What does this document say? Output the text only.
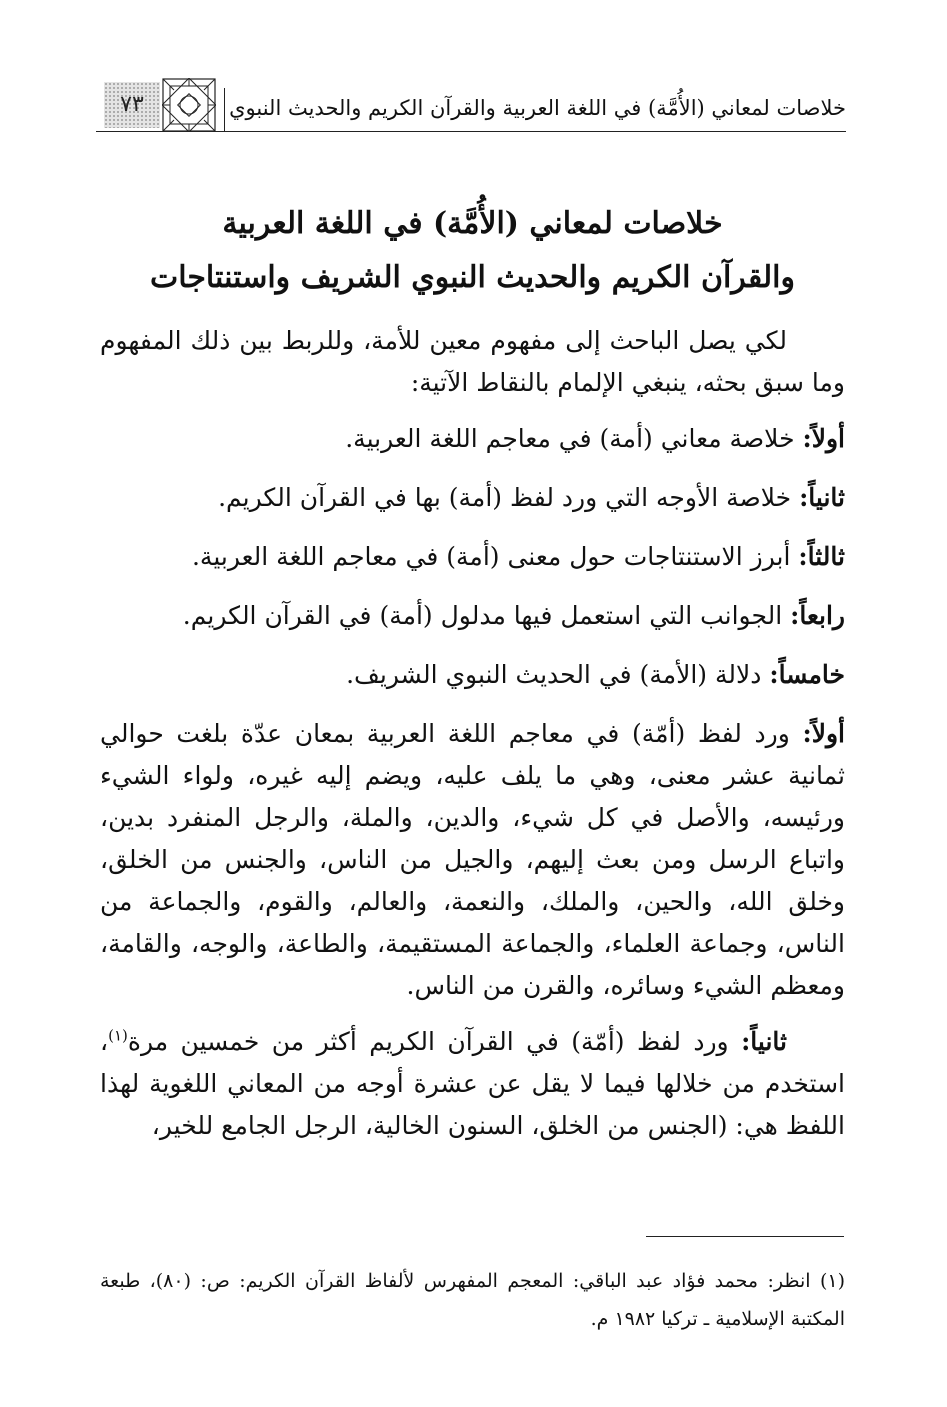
خلاصات لمعاني (الأُمَّة) في اللغة العربية والقرآن الكريم والحديث النبوي
٧٣
خلاصات لمعاني (الأُمَّة) في اللغة العربية
والقرآن الكريم والحديث النبوي الشريف واستنتاجات

لكي يصل الباحث إلى مفهوم معين للأمة، وللربط بين ذلك المفهوم وما سبق بحثه، ينبغي الإلمام بالنقاط الآتية:

أولاً: خلاصة معاني (أمة) في معاجم اللغة العربية.

ثانياً: خلاصة الأوجه التي ورد لفظ (أمة) بها في القرآن الكريم.

ثالثاً: أبرز الاستنتاجات حول معنى (أمة) في معاجم اللغة العربية.

رابعاً: الجوانب التي استعمل فيها مدلول (أمة) في القرآن الكريم.

خامساً: دلالة (الأمة) في الحديث النبوي الشريف.

أولاً: ورد لفظ (أمّة) في معاجم اللغة العربية بمعان عدّة بلغت حوالي ثمانية عشر معنى، وهي ما يلف عليه، ويضم إليه غيره، ولواء الشيء ورئيسه، والأصل في كل شيء، والدين، والملة، والرجل المنفرد بدين، واتباع الرسل ومن بعث إليهم، والجيل من الناس، والجنس من الخلق، وخلق الله، والحين، والملك، والنعمة، والعالم، والقوم، والجماعة من الناس، وجماعة العلماء، والجماعة المستقيمة، والطاعة، والوجه، والقامة، ومعظم الشيء وسائره، والقرن من الناس.

ثانياً: ورد لفظ (أمّة) في القرآن الكريم أكثر من خمسين مرة$^{(١)}$، استخدم من خلالها فيما لا يقل عن عشرة أوجه من المعاني اللغوية لهذا اللفظ هي: (الجنس من الخلق، السنون الخالية، الرجل الجامع للخير،

(١) انظر: محمد فؤاد عبد الباقي: المعجم المفهرس لألفاظ القرآن الكريم: ص: (٨٠)، طبعة المكتبة الإسلامية ـ تركيا ١٩٨٢ م.
